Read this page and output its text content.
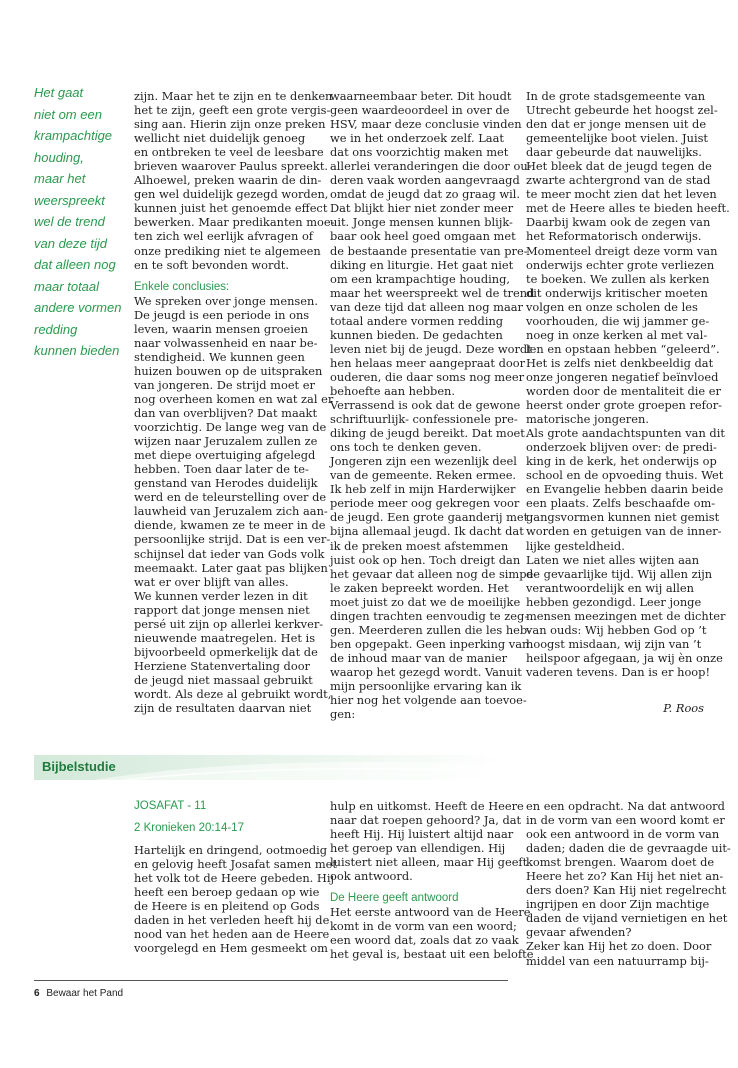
Het gaat
niet om een
krampachtige
houding,
maar het
weerspreekt
wel de trend
van deze tijd
dat alleen nog
maar totaal
andere vormen
redding
kunnen bieden
zijn. Maar het te zijn en te denken
het te zijn, geeft een grote vergis-
sing aan. Hierin zijn onze preken
wellicht niet duidelijk genoeg
en ontbreken te veel de leesbare
brieven waarover Paulus spreekt.
Alhoewel, preken waarin de din-
gen wel duidelijk gezegd worden,
kunnen juist het genoemde effect
bewerken. Maar predikanten moe-
ten zich wel eerlijk afvragen of
onze prediking niet te algemeen
en te soft bevonden wordt.
Enkele conclusies:
We spreken over jonge mensen.
De jeugd is een periode in ons
leven, waarin mensen groeien
naar volwassenheid en naar be-
stendigheid. We kunnen geen
huizen bouwen op de uitspraken
van jongeren. De strijd moet er
nog overheen komen en wat zal er
dan van overblijven? Dat maakt
voorzichtig. De lange weg van de
wijzen naar Jeruzalem zullen ze
met diepe overtuiging afgelegd
hebben. Toen daar later de te-
genstand van Herodes duidelijk
werd en de teleurstelling over de
lauwheid van Jeruzalem zich aan-
diende, kwamen ze te meer in de
persoonlijke strijd. Dat is een ver-
schijnsel dat ieder van Gods volk
meemaakt. Later gaat pas blijken
wat er over blijft van alles.
We kunnen verder lezen in dit
rapport dat jonge mensen niet
persé uit zijn op allerlei kerkver-
nieuwende maatregelen. Het is
bijvoorbeeld opmerkelijk dat de
Herziene Statenvertaling door
de jeugd niet massaal gebruikt
wordt. Als deze al gebruikt wordt,
zijn de resultaten daarvan niet
waarneembaar beter. Dit houdt
geen waardeoordeel in over de
HSV, maar deze conclusie vinden
we in het onderzoek zelf. Laat
dat ons voorzichtig maken met
allerlei veranderingen die door ou-
deren vaak worden aangevraagd
omdat de jeugd dat zo graag wil.
Dat blijkt hier niet zonder meer
uit. Jonge mensen kunnen blijk-
baar ook heel goed omgaan met
de bestaande presentatie van pre-
diking en liturgie. Het gaat niet
om een krampachtige houding,
maar het weerspreekt wel de trend
van deze tijd dat alleen nog maar
totaal andere vormen redding
kunnen bieden. De gedachten
leven niet bij de jeugd. Deze wordt
hen helaas meer aangepraat door
ouderen, die daar soms nog meer
behoefte aan hebben.
Verrassend is ook dat de gewone
schriftuurlijk- confessionele pre-
diking de jeugd bereikt. Dat moet
ons toch te denken geven.
Jongeren zijn een wezenlijk deel
van de gemeente. Reken ermee.
Ik heb zelf in mijn Harderwijker
periode meer oog gekregen voor
de jeugd. Een grote gaanderij met
bijna allemaal jeugd. Ik dacht dat
ik de preken moest afstemmen
juist ook op hen. Toch dreigt dan
het gevaar dat alleen nog de simpe-
le zaken bepreekt worden. Het
moet juist zo dat we de moeilijke
dingen trachten eenvoudig te zeg-
gen. Meerderen zullen die les heb-
ben opgepakt. Geen inperking van
de inhoud maar van de manier
waarop het gezegd wordt. Vanuit
mijn persoonlijke ervaring kan ik
hier nog het volgende aan toevoe-
gen:
In de grote stadsgemeente van
Utrecht gebeurde het hoogst zel-
den dat er jonge mensen uit de
gemeentelijke boot vielen. Juist
daar gebeurde dat nauwelijks.
Het bleek dat de jeugd tegen de
zwarte achtergrond van de stad
te meer mocht zien dat het leven
met de Heere alles te bieden heeft.
Daarbij kwam ook de zegen van
het Reformatorisch onderwijs.
Momenteel dreigt deze vorm van
onderwijs echter grote verliezen
te boeken. We zullen als kerken
dit onderwijs kritischer moeten
volgen en onze scholen de les
voorhouden, die wij jammer ge-
noeg in onze kerken al met val-
len en opstaan hebben “geleerd”.
Het is zelfs niet denkbeeldig dat
onze jongeren negatief beïnvloed
worden door de mentaliteit die er
heerst onder grote groepen refor-
matorische jongeren.
Als grote aandachtspunten van dit
onderzoek blijven over: de predi-
king in de kerk, het onderwijs op
school en de opvoeding thuis. Wet
en Evangelie hebben daarin beide
een plaats. Zelfs beschaafde om-
gangsvormen kunnen niet gemist
worden en getuigen van de inner-
lijke gesteldheid.
Laten we niet alles wijten aan
de gevaarlijke tijd. Wij allen zijn
verantwoordelijk en wij allen
hebben gezondigd. Leer jonge
mensen meezingen met de dichter
van ouds: Wij hebben God op ’t
hoogst misdaan, wij zijn van ’t
heilspoor afgegaan, ja wij èn onze
vaderen tevens. Dan is er hoop!
P. Roos
Bijbelstudie
JOSAFAT - 11
2 Kronieken 20:14-17
Hartelijk en dringend, ootmoedig
en gelovig heeft Josafat samen met
het volk tot de Heere gebeden. Hij
heeft een beroep gedaan op wie
de Heere is en pleitend op Gods
daden in het verleden heeft hij de
nood van het heden aan de Heere
voorgelegd en Hem gesmeekt om
hulp en uitkomst. Heeft de Heere
naar dat roepen gehoord? Ja, dat
heeft Hij. Hij luistert altijd naar
het geroep van ellendigen. Hij
luistert niet alleen, maar Hij geeft
ook antwoord.
De Heere geeft antwoord
Het eerste antwoord van de Heere
komt in de vorm van een woord;
een woord dat, zoals dat zo vaak
het geval is, bestaat uit een belofte
en een opdracht. Na dat antwoord
in de vorm van een woord komt er
ook een antwoord in de vorm van
daden; daden die de gevraagde uit-
komst brengen. Waarom doet de
Heere het zo? Kan Hij het niet an-
ders doen? Kan Hij niet regelrecht
ingrijpen en door Zijn machtige
daden de vijand vernietigen en het
gevaar afwenden?
Zeker kan Hij het zo doen. Door
middel van een natuurramp bij-
6 Bewaar het Pand
